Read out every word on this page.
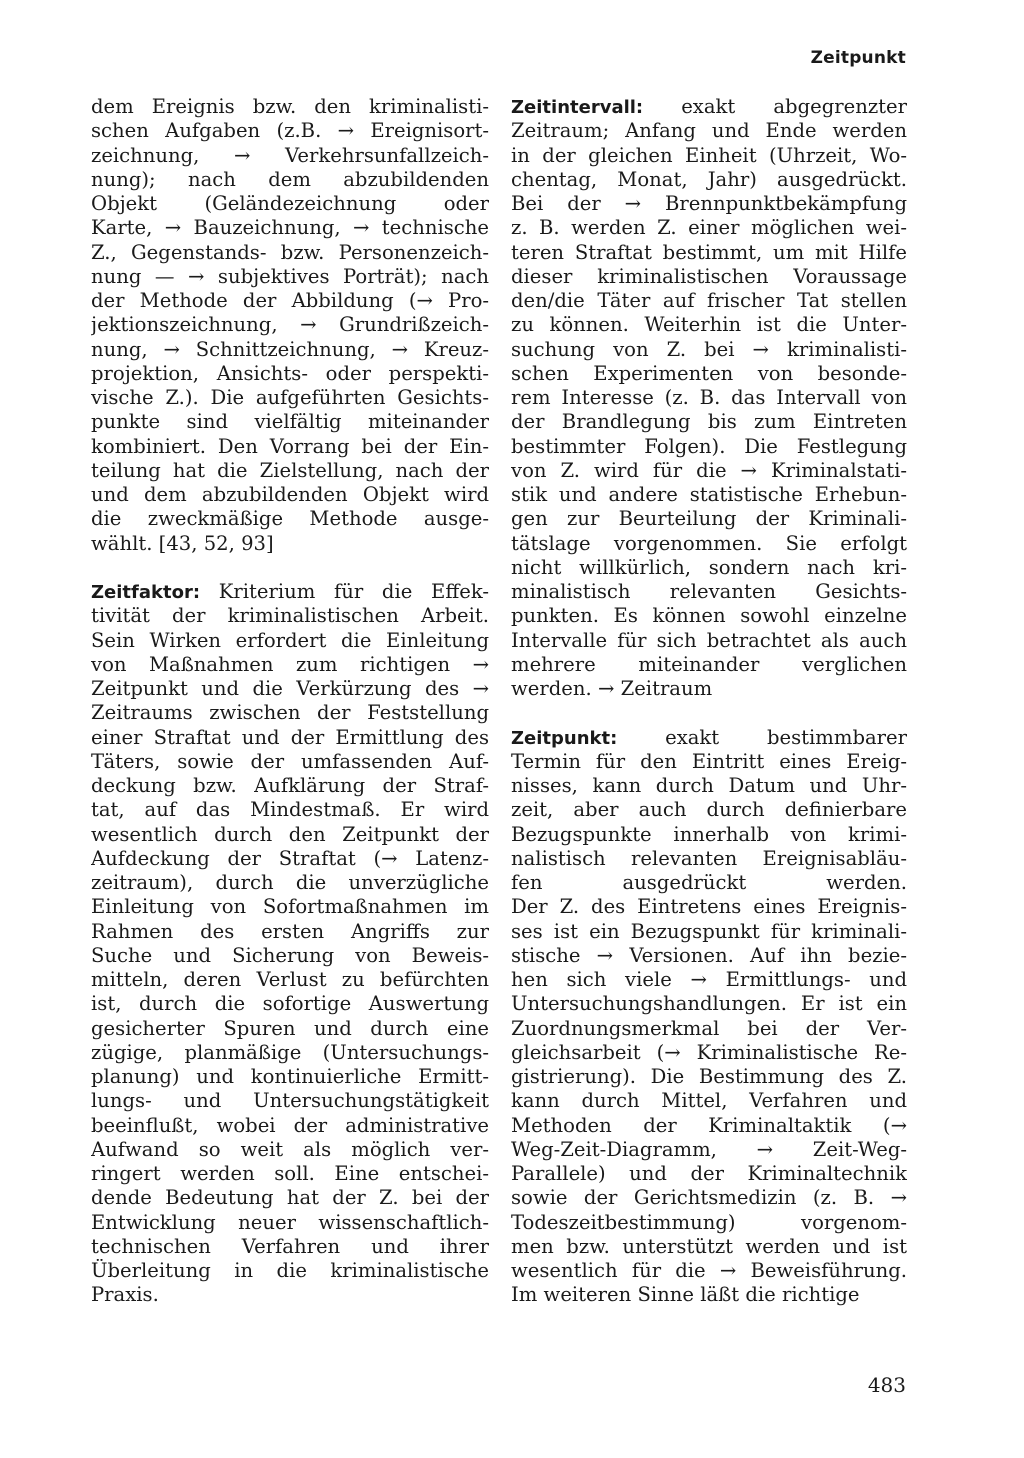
Zeitpunkt
dem Ereignis bzw. den kriminalisti-
schen Aufgaben (z.B. → Ereignisort-
zeichnung, → Verkehrsunfallzeich-
nung); nach dem abzubildenden
Objekt (Geländezeichnung oder
Karte, → Bauzeichnung, → technische
Z., Gegenstands- bzw. Personenzeich-
nung — → subjektives Porträt); nach
der Methode der Abbildung (→ Pro-
jektionszeichnung, → Grundrißzeich-
nung, → Schnittzeichnung, → Kreuz-
projektion, Ansichts- oder perspekti-
vische Z.). Die aufgeführten Gesichts-
punkte sind vielfältig miteinander
kombiniert. Den Vorrang bei der Ein-
teilung hat die Zielstellung, nach der
und dem abzubildenden Objekt wird
die zweckmäßige Methode ausge-
wählt. [43, 52, 93]
Zeitfaktor: Kriterium für die Effek-
tivität der kriminalistischen Arbeit.
Sein Wirken erfordert die Einleitung
von Maßnahmen zum richtigen →
Zeitpunkt und die Verkürzung des →
Zeitraums zwischen der Feststellung
einer Straftat und der Ermittlung des
Täters, sowie der umfassenden Auf-
deckung bzw. Aufklärung der Straf-
tat, auf das Mindestmaß. Er wird
wesentlich durch den Zeitpunkt der
Aufdeckung der Straftat (→ Latenz-
zeitraum), durch die unverzügliche
Einleitung von Sofortmaßnahmen im
Rahmen des ersten Angriffs zur
Suche und Sicherung von Beweis-
mitteln, deren Verlust zu befürchten
ist, durch die sofortige Auswertung
gesicherter Spuren und durch eine
zügige, planmäßige (Untersuchungs-
planung) und kontinuierliche Ermitt-
lungs- und Untersuchungstätigkeit
beeinflußt, wobei der administrative
Aufwand so weit als möglich ver-
ringert werden soll. Eine entschei-
dende Bedeutung hat der Z. bei der
Entwicklung neuer wissenschaftlich-
technischen Verfahren und ihrer
Überleitung in die kriminalistische
Praxis.
Zeitintervall: exakt abgegrenzter
Zeitraum; Anfang und Ende werden
in der gleichen Einheit (Uhrzeit, Wo-
chentag, Monat, Jahr) ausgedrückt.
Bei der → Brennpunktbekämpfung
z. B. werden Z. einer möglichen wei-
teren Straftat bestimmt, um mit Hilfe
dieser kriminalistischen Voraussage
den/die Täter auf frischer Tat stellen
zu können. Weiterhin ist die Unter-
suchung von Z. bei → kriminalisti-
schen Experimenten von besonde-
rem Interesse (z. B. das Intervall von
der Brandlegung bis zum Eintreten
bestimmter Folgen). Die Festlegung
von Z. wird für die → Kriminalstati-
stik und andere statistische Erhebun-
gen zur Beurteilung der Kriminali-
tätslage vorgenommen. Sie erfolgt
nicht willkürlich, sondern nach kri-
minalistisch relevanten Gesichts-
punkten. Es können sowohl einzelne
Intervalle für sich betrachtet als auch
mehrere miteinander verglichen
werden. → Zeitraum
Zeitpunkt: exakt bestimmbarer
Termin für den Eintritt eines Ereig-
nisses, kann durch Datum und Uhr-
zeit, aber auch durch definierbare
Bezugspunkte innerhalb von krimi-
nalistisch relevanten Ereignisabläu-
fen ausgedrückt werden.
Der Z. des Eintretens eines Ereignis-
ses ist ein Bezugspunkt für kriminali-
stische → Versionen. Auf ihn bezie-
hen sich viele → Ermittlungs- und
Untersuchungshandlungen. Er ist ein
Zuordnungsmerkmal bei der Ver-
gleichsarbeit (→ Kriminalistische Re-
gistrierung). Die Bestimmung des Z.
kann durch Mittel, Verfahren und
Methoden der Kriminaltaktik (→
Weg-Zeit-Diagramm, → Zeit-Weg-
Parallele) und der Kriminaltechnik
sowie der Gerichtsmedizin (z. B. →
Todeszeitbestimmung) vorgenom-
men bzw. unterstützt werden und ist
wesentlich für die → Beweisführung.
Im weiteren Sinne läßt die richtige
483
